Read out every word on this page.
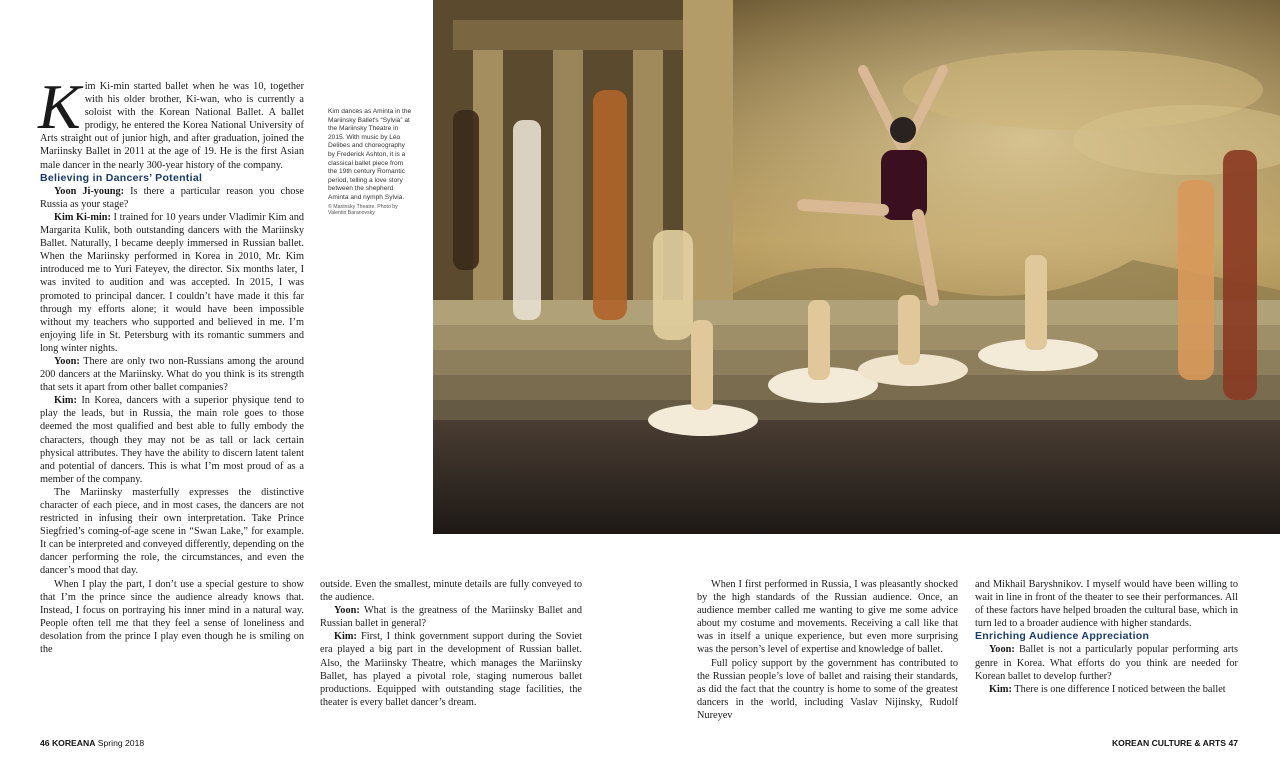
Kim dances as Aminta in the Mariinsky Ballet's “Sylvia” at the Mariinsky Theatre in 2015. With music by Léo Delibes and choreography by Frederick Ashton, it is a classical ballet piece from the 19th century Romantic period, telling a love story between the shepherd Aminta and nymph Sylvia.
© Mariinsky Theatre. Photo by Valentin Baranovsky

Kim Ki-min started ballet when he was 10, together with his older brother, Ki-wan, who is currently a soloist with the Korean National Ballet. A ballet prodigy, he entered the Korea National University of Arts straight out of junior high, and after graduation, joined the Mariinsky Ballet in 2011 at the age of 19. He is the first Asian male dancer in the nearly 300-year history of the company.

Believing in Dancers’ Potential

Yoon Ji-young: Is there a particular reason you chose Russia as your stage?

Kim Ki-min: I trained for 10 years under Vladimir Kim and Margarita Kulik, both outstanding dancers with the Mariinsky Ballet. Naturally, I became deeply immersed in Russian ballet. When the Mariinsky performed in Korea in 2010, Mr. Kim introduced me to Yuri Fateyev, the director. Six months later, I was invited to audition and was accepted. In 2015, I was promoted to principal dancer. I couldn’t have made it this far through my efforts alone; it would have been impossible without my teachers who supported and believed in me. I’m enjoying life in St. Petersburg with its romantic summers and long winter nights.

Yoon: There are only two non-Russians among the around 200 dancers at the Mariinsky. What do you think is its strength that sets it apart from other ballet companies?

Kim: In Korea, dancers with a superior physique tend to play the leads, but in Russia, the main role goes to those deemed the most qualified and best able to fully embody the characters, though they may not be as tall or lack certain physical attributes. They have the ability to discern latent talent and potential of dancers. This is what I’m most proud of as a member of the company.

The Mariinsky masterfully expresses the distinctive character of each piece, and in most cases, the dancers are not restricted in infusing their own interpretation. Take Prince Siegfried’s coming-of-age scene in “Swan Lake,” for example. It can be interpreted and conveyed differently, depending on the dancer performing the role, the circumstances, and even the dancer’s mood that day.

When I play the part, I don’t use a special gesture to show that I’m the prince since the audience already knows that. Instead, I focus on portraying his inner mind in a natural way. People often tell me that they feel a sense of loneliness and desolation from the prince I play even though he is smiling on the

outside. Even the smallest, minute details are fully conveyed to the audience.

Yoon: What is the greatness of the Mariinsky Ballet and Russian ballet in general?

Kim: First, I think government support during the Soviet era played a big part in the development of Russian ballet. Also, the Mariinsky Theatre, which manages the Mariinsky Ballet, has played a pivotal role, staging numerous ballet productions. Equipped with outstanding stage facilities, the theater is every ballet dancer’s dream.

When I first performed in Russia, I was pleasantly shocked by the high standards of the Russian audience. Once, an audience member called me wanting to give me some advice about my costume and movements. Receiving a call like that was in itself a unique experience, but even more surprising was the person’s level of expertise and knowledge of ballet.

Full policy support by the government has contributed to the Russian people’s love of ballet and raising their standards, as did the fact that the country is home to some of the greatest dancers in the world, including Vaslav Nijinsky, Rudolf Nureyev

and Mikhail Baryshnikov. I myself would have been willing to wait in line in front of the theater to see their performances. All of these factors have helped broaden the cultural base, which in turn led to a broader audience with higher standards.

Enriching Audience Appreciation

Yoon: Ballet is not a particularly popular performing arts genre in Korea. What efforts do you think are needed for Korean ballet to develop further?

Kim: There is one difference I noticed between the ballet

46 KOREANA Spring 2018	KOREAN CULTURE & ARTS 47
